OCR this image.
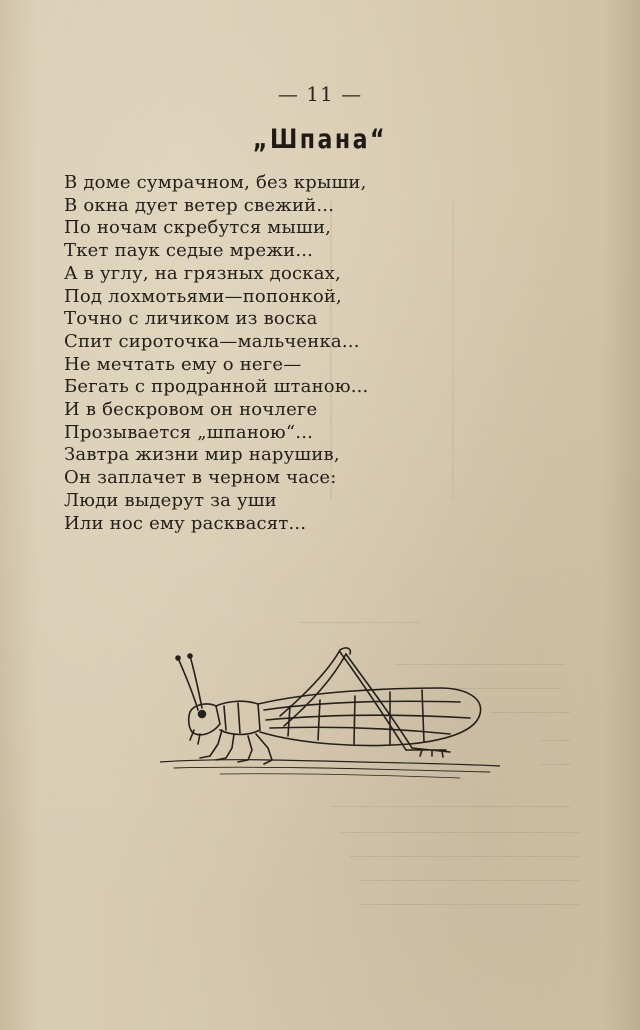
— 11 —
„Шпана“
В доме сумрачном, без крыши,
В окна дует ветер свежий...
По ночам скребутся мыши,
Ткет паук седые мрежи...
А в углу, на грязных досках,
Под лохмотьями—попонкой,
Точно с личиком из воска
Спит сироточка—мальченка...
Не мечтать ему о неге—
Бегать с продранной штаною...
И в бескровом он ночлеге
Прозывается „шпаною“...
Завтра жизни мир нарушив,
Он заплачет в черном часе:
Люди выдерут за уши
Или нос ему расквасят...
